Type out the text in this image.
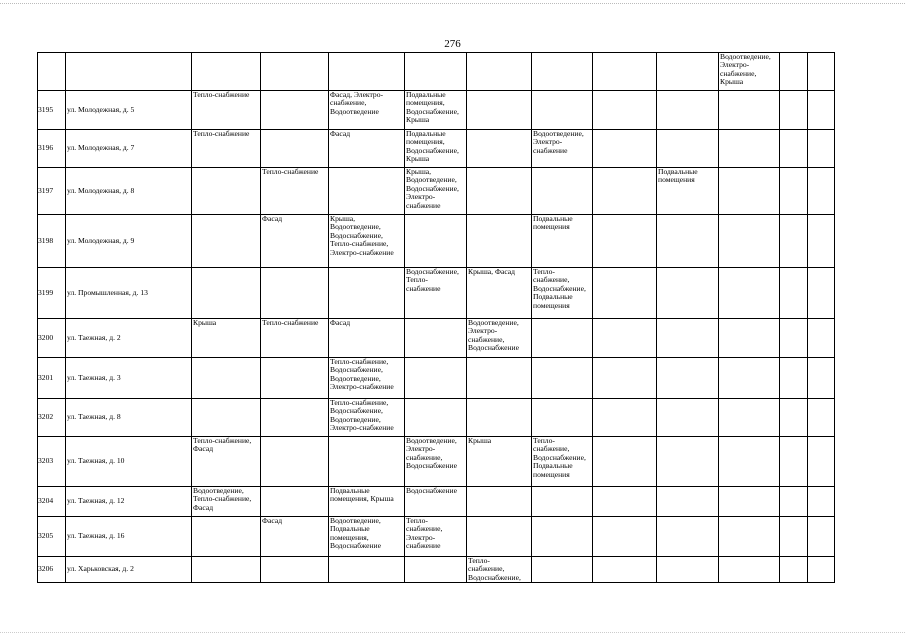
276

										Водоотведение,
Электро-
снабжение,
Крыша		

3195	ул. Молодежная, д. 5	Тепло-снабжение		Фасад, Электро-
снабжение,
Водоотведение	Подвальные
помещения,
Водоснабжение,
Крыша							

3196	ул. Молодежная, д. 7	Тепло-снабжение		Фасад	Подвальные
помещения,
Водоснабжение,
Крыша		Водоотведение,
Электро-
снабжение					

3197	ул. Молодежная, д. 8		Тепло-снабжение		Крыша,
Водоотведение,
Водоснабжение,
Электро-
снабжение				Подвальные
помещения			

3198	ул. Молодежная, д. 9		Фасад	Крыша,
Водоотведение,
Водоснабжение,
Тепло-снабжение,
Электро-снабжение			Подвальные
помещения					

3199	ул. Промышленная, д. 13				Водоснабжение,
Тепло-
снабжение	Крыша, Фасад	Тепло-
снабжение,
Водоснабжение,
Подвальные
помещения					

3200	ул. Таежная, д. 2	Крыша	Тепло-снабжение	Фасад		Водоотведение,
Электро-
снабжение,
Водоснабжение						

3201	ул. Таежная, д. 3			Тепло-снабжение,
Водоснабжение,
Водоотведение,
Электро-снабжение								

3202	ул. Таежная, д. 8			Тепло-снабжение,
Водоснабжение,
Водоотведение,
Электро-снабжение								

3203	ул. Таежная, д. 10	Тепло-снабжение,
Фасад			Водоотведение,
Электро-
снабжение,
Водоснабжение	Крыша	Тепло-
снабжение,
Водоснабжение,
Подвальные
помещения					

3204	ул. Таежная, д. 12	Водоотведение,
Тепло-снабжение,
Фасад		Подвальные
помещения, Крыша	Водоснабжение							
3205	ул. Таежная, д. 16		Фасад	Водоотведение,
Подвальные
помещения,
Водоснабжение	Тепло-
снабжение,
Электро-
снабжение							

3206	ул. Харьковская, д. 2					Тепло-
снабжение,
Водоснабжение,						
